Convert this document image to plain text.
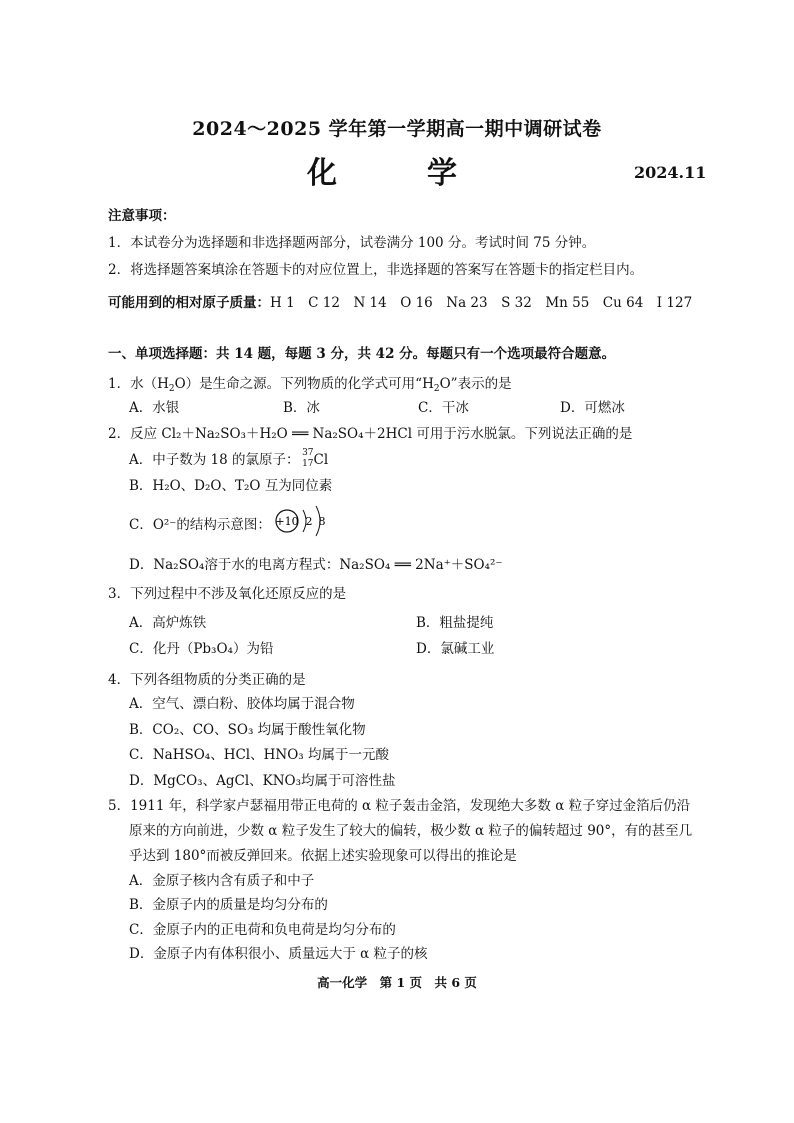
2024～2025 学年第一学期高一期中调研试卷
化　学	2024.11
注意事项：
1．本试卷分为选择题和非选择题两部分，试卷满分 100 分。考试时间 75 分钟。
2．将选择题答案填涂在答题卡的对应位置上，非选择题的答案写在答题卡的指定栏目内。
可能用到的相对原子质量：H 1　C 12　N 14　O 16　Na 23　S 32　Mn 55　Cu 64　I 127
一、单项选择题：共 14 题，每题 3 分，共 42 分。每题只有一个选项最符合题意。
1．水$(H_2O)$是生命之源。下列物质的化学式可用“$H_2O$”表示的是
A．水银	B．冰	C．干冰	D．可燃冰
2．反应 Cl₂＋Na₂SO₃＋H₂O ══ Na₂SO₄＋2HCl 可用于污水脱氯。下列说法正确的是
A．中子数为 18 的氯原子： 37
17 Cl
B．H₂O、D₂O、T₂O 互为同位素
C．O²⁻的结构示意图： +10 2 8
D．Na₂SO₄溶于水的电离方程式：Na₂SO₄ ══ 2Na⁺＋SO₄²⁻
3．下列过程中不涉及氧化还原反应的是
A．高炉炼铁	B．粗盐提纯
C．化丹（Pb₃O₄）为铅	D．氯碱工业
4．下列各组物质的分类正确的是
A．空气、漂白粉、胶体均属于混合物
B．CO₂、CO、SO₃ 均属于酸性氧化物
C．NaHSO₄、HCl、HNO₃ 均属于一元酸
D．MgCO₃、AgCl、KNO₃均属于可溶性盐
5．1911 年，科学家卢瑟福用带正电荷的 α 粒子轰击金箔，发现绝大多数 α 粒子穿过金箔后仍沿
原来的方向前进，少数 α 粒子发生了较大的偏转，极少数 α 粒子的偏转超过 90°，有的甚至几
乎达到 180°而被反弹回来。依据上述实验现象可以得出的推论是
A．金原子核内含有质子和中子
B．金原子内的质量是均匀分布的
C．金原子内的正电荷和负电荷是均匀分布的
D．金原子内有体积很小、质量远大于 α 粒子的核
高一化学　第 1 页　共 6 页
